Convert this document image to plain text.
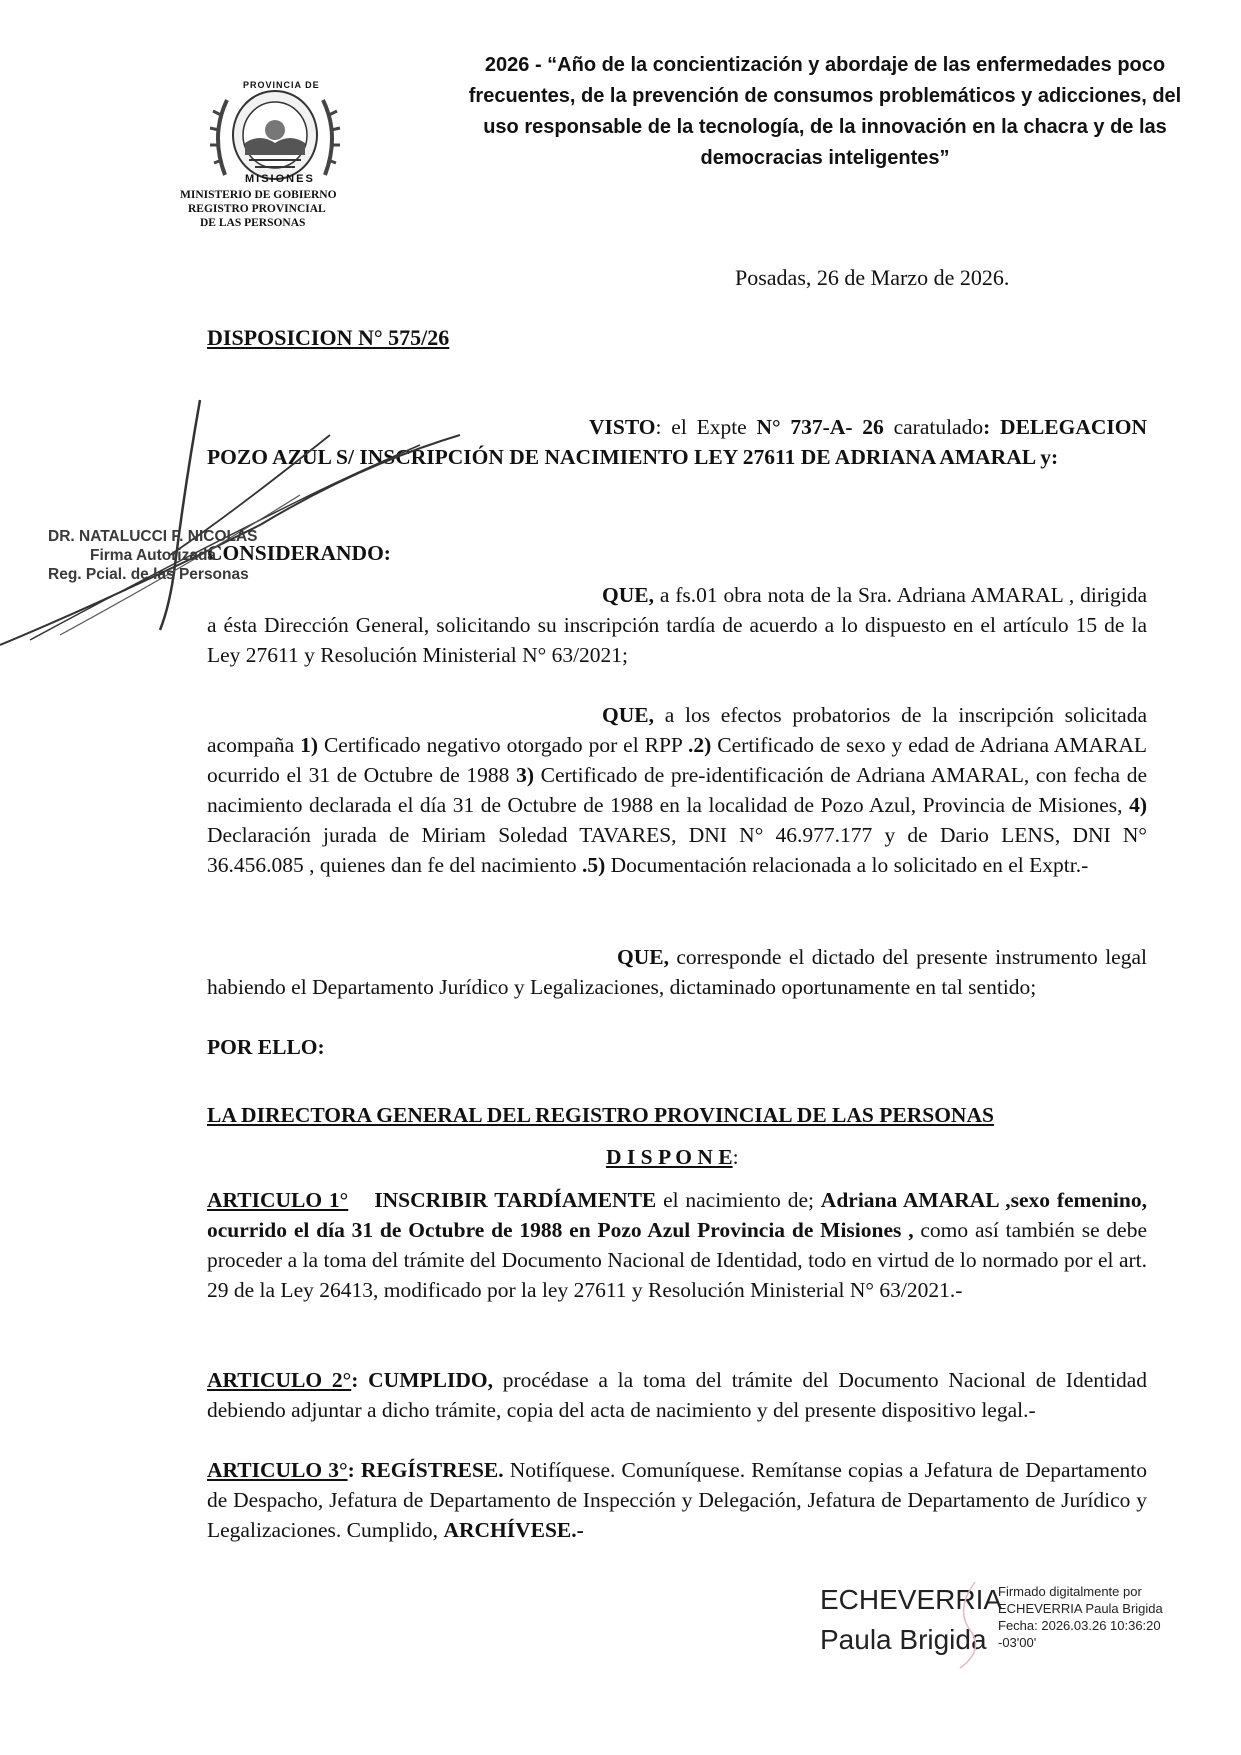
PROVINCIA DE
MISIONES
MINISTERIO DE GOBIERNO
REGISTRO PROVINCIAL
DE LAS PERSONAS
2026 - “Año de la concientización y abordaje de las enfermedades poco frecuentes, de la prevención de consumos problemáticos y adicciones, del uso responsable de la tecnología, de la innovación en la chacra y de las democracias inteligentes”
Posadas, 26 de Marzo de 2026.
DISPOSICION N° 575/26
VISTO: el Expte N° 737-A- 26 caratulado: DELEGACION POZO AZUL S/ INSCRIPCIÓN DE NACIMIENTO LEY 27611 DE ADRIANA AMARAL y:
CONSIDERANDO:
QUE, a fs.01 obra nota de la Sra. Adriana AMARAL , dirigida a ésta Dirección General, solicitando su inscripción tardía de acuerdo a lo dispuesto en el artículo 15 de la Ley 27611 y Resolución Ministerial N° 63/2021;
QUE, a los efectos probatorios de la inscripción solicitada acompaña 1) Certificado negativo otorgado por el RPP .2) Certificado de sexo y edad de Adriana AMARAL ocurrido el 31 de Octubre de 1988 3) Certificado de pre-identificación de Adriana AMARAL, con fecha de nacimiento declarada el día 31 de Octubre de 1988 en la localidad de Pozo Azul, Provincia de Misiones, 4) Declaración jurada de Miriam Soledad TAVARES, DNI N° 46.977.177 y de Dario LENS, DNI N° 36.456.085 , quienes dan fe del nacimiento .5) Documentación relacionada a lo solicitado en el Exptr.-
QUE, corresponde el dictado del presente instrumento legal habiendo el Departamento Jurídico y Legalizaciones, dictaminado oportunamente en tal sentido;
POR ELLO:
LA DIRECTORA GENERAL DEL REGISTRO PROVINCIAL DE LAS PERSONAS
D I S P O N E:
ARTICULO 1° INSCRIBIR TARDÍAMENTE el nacimiento de; Adriana AMARAL ,sexo femenino, ocurrido el día 31 de Octubre de 1988 en Pozo Azul Provincia de Misiones , como así también se debe proceder a la toma del trámite del Documento Nacional de Identidad, todo en virtud de lo normado por el art. 29 de la Ley 26413, modificado por la ley 27611 y Resolución Ministerial N° 63/2021.-
ARTICULO 2°: CUMPLIDO, procédase a la toma del trámite del Documento Nacional de Identidad debiendo adjuntar a dicho trámite, copia del acta de nacimiento y del presente dispositivo legal.-
ARTICULO 3°: REGÍSTRESE. Notifíquese. Comuníquese. Remítanse copias a Jefatura de Departamento de Despacho, Jefatura de Departamento de Inspección y Delegación, Jefatura de Departamento de Jurídico y Legalizaciones. Cumplido, ARCHÍVESE.-
DR. NATALUCCI F. NICOLAS
Firma Autorizada
Reg. Pcial. de las Personas
ECHEVERRIA
Paula Brigida
Firmado digitalmente por
ECHEVERRIA Paula Brigida
Fecha: 2026.03.26 10:36:20
-03'00'
